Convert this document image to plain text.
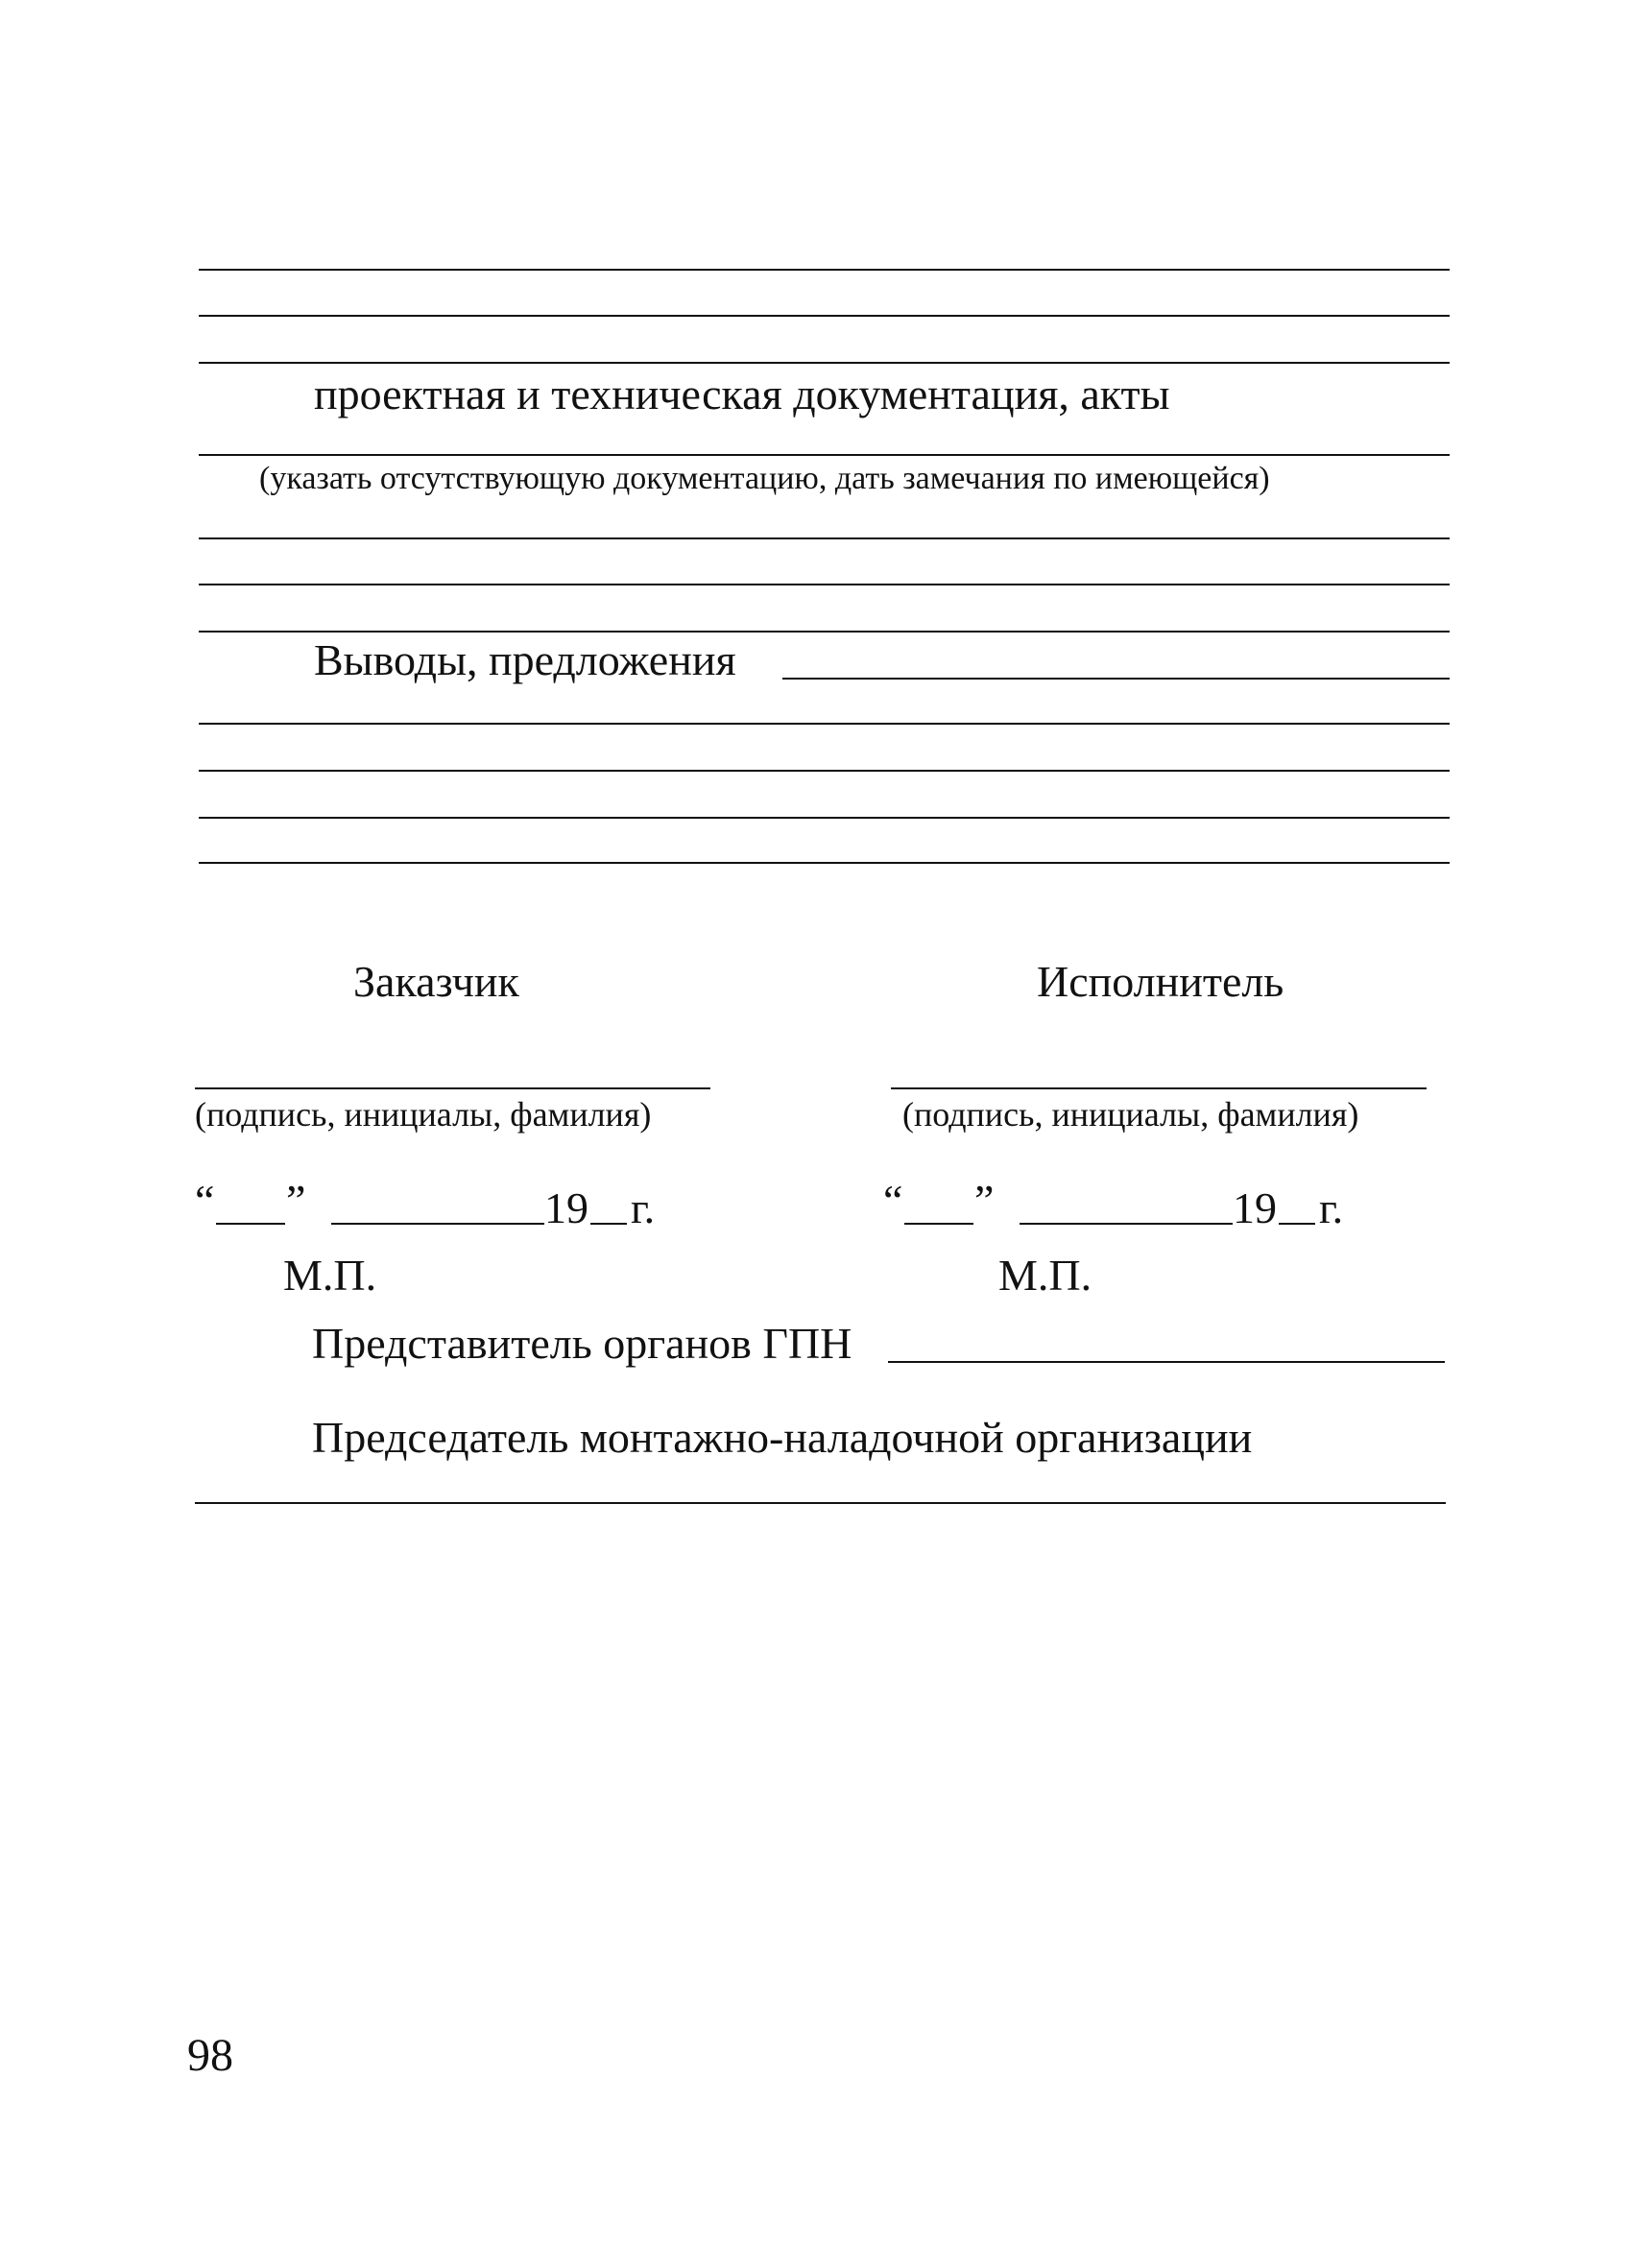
проектная и техническая документация, акты
(указать отсутствующую документацию, дать замечания по имеющейся)
Выводы, предложения
Заказчик	Исполнитель
(подпись, инициалы, фамилия)	(подпись, инициалы, фамилия)
“ ”	19 г.	“ ”	19 г.
М.П.	М.П.
Представитель органов ГПН
Председатель монтажно-наладочной организации
98
